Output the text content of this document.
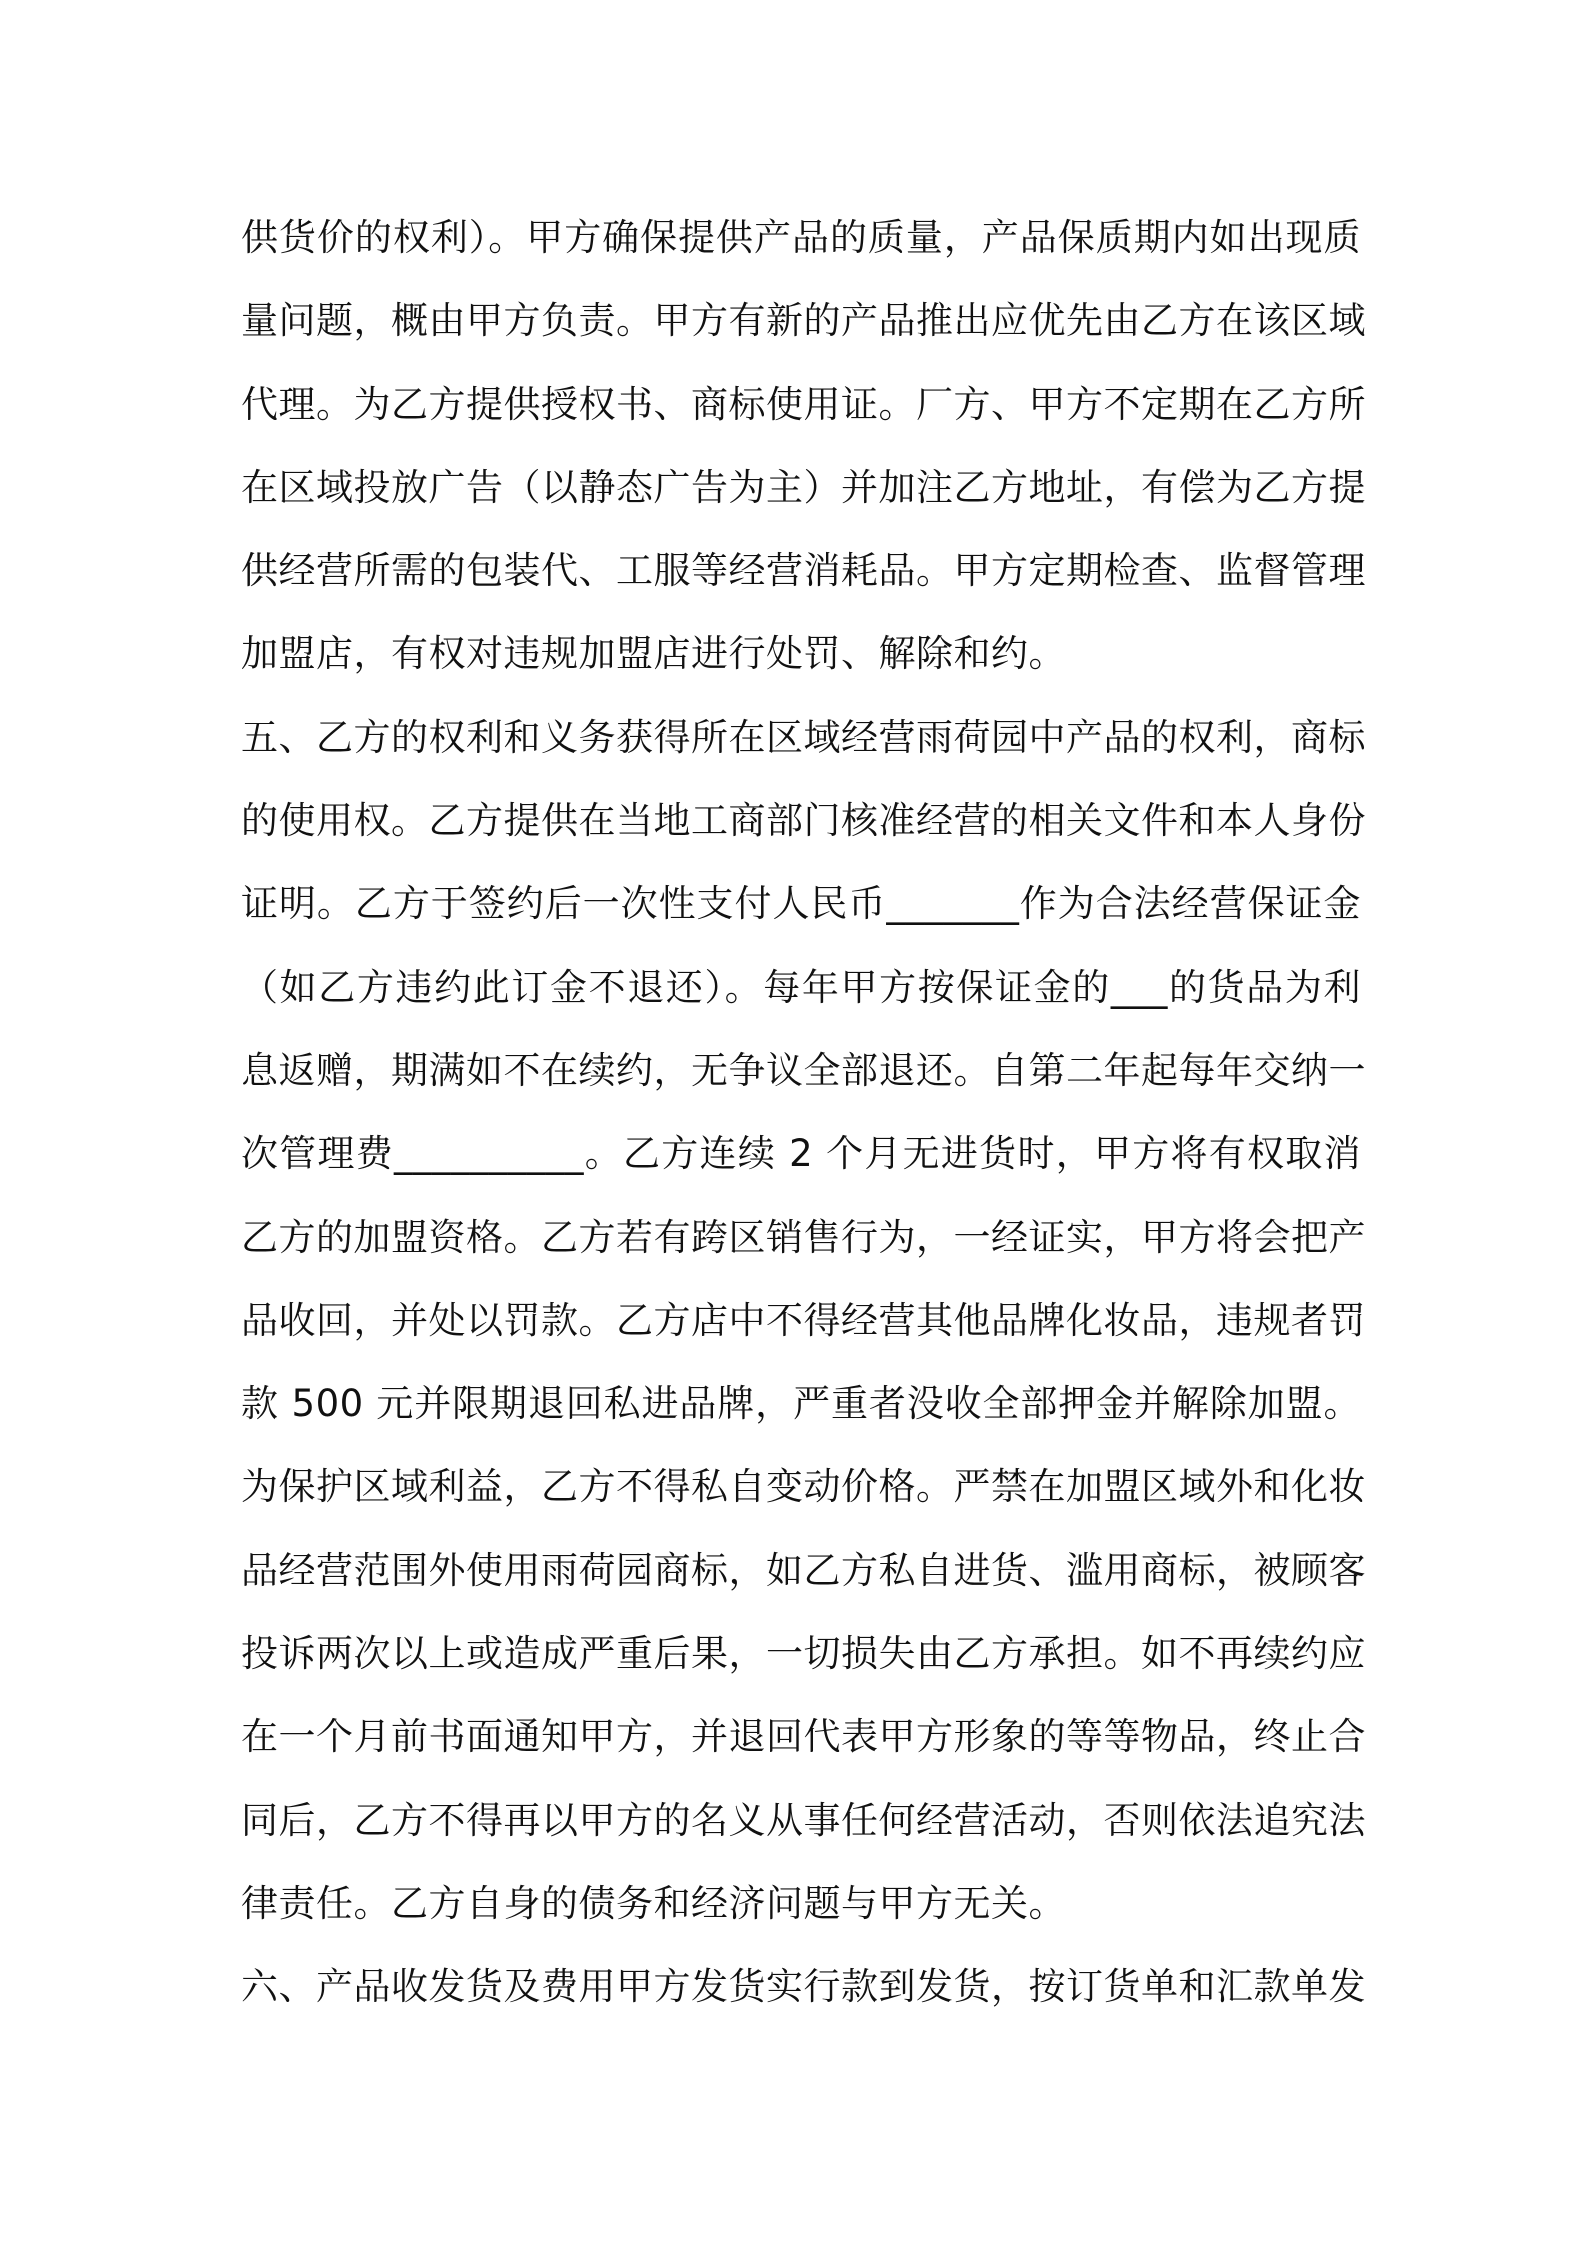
供货价的权利）。甲方确保提供产品的质量，产品保质期内如出现质
量问题，概由甲方负责。甲方有新的产品推出应优先由乙方在该区域
代理。为乙方提供授权书、商标使用证。厂方、甲方不定期在乙方所
在区域投放广告（以静态广告为主）并加注乙方地址，有偿为乙方提
供经营所需的包装代、工服等经营消耗品。甲方定期检查、监督管理
加盟店，有权对违规加盟店进行处罚、解除和约。

五、乙方的权利和义务获得所在区域经营雨荷园中产品的权利，商标
的使用权。乙方提供在当地工商部门核准经营的相关文件和本人身份
证明。乙方于签约后一次性支付人民币_______作为合法经营保证金
（如乙方违约此订金不退还）。每年甲方按保证金的___的货品为利
息返赠，期满如不在续约，无争议全部退还。自第二年起每年交纳一
次管理费__________。乙方连续 2 个月无进货时，甲方将有权取消
乙方的加盟资格。乙方若有跨区销售行为，一经证实，甲方将会把产
品收回，并处以罚款。乙方店中不得经营其他品牌化妆品，违规者罚
款 500 元并限期退回私进品牌，严重者没收全部押金并解除加盟。
为保护区域利益，乙方不得私自变动价格。严禁在加盟区域外和化妆
品经营范围外使用雨荷园商标，如乙方私自进货、滥用商标，被顾客
投诉两次以上或造成严重后果，一切损失由乙方承担。如不再续约应
在一个月前书面通知甲方，并退回代表甲方形象的等等物品，终止合
同后，乙方不得再以甲方的名义从事任何经营活动，否则依法追究法
律责任。乙方自身的债务和经济问题与甲方无关。

六、产品收发货及费用甲方发货实行款到发货，按订货单和汇款单发
